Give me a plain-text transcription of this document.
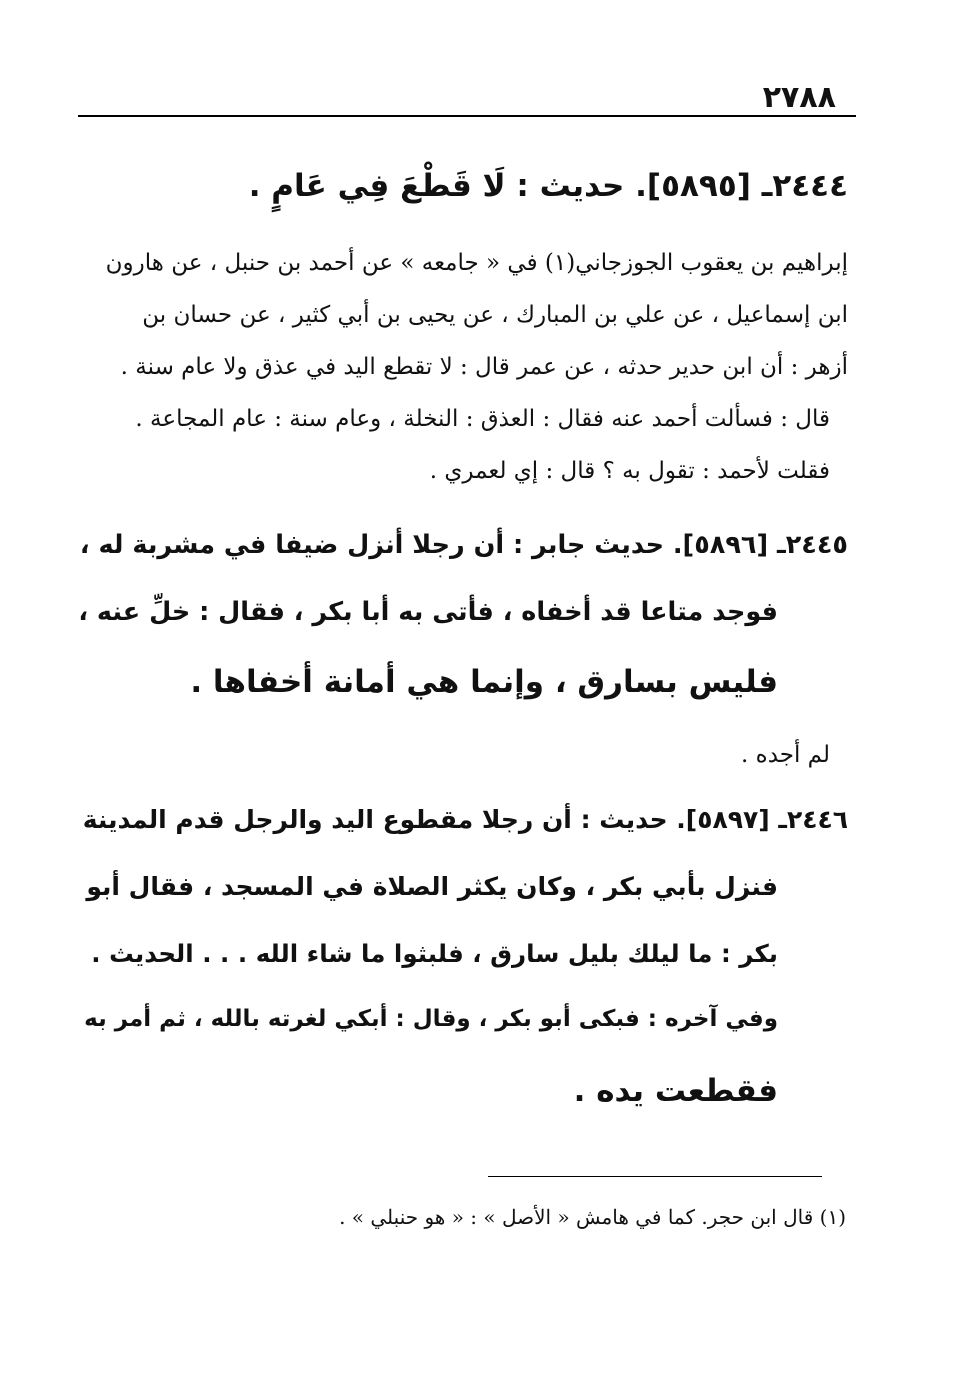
٢٧٨٨
٢٤٤٤ـ [٥٨٩٥]. حديث : لَا قَطْعَ فِي عَامٍ .
إبراهيم بن يعقوب الجوزجاني(١) في « جامعه » عن أحمد بن حنبل ، عن هارون
ابن إسماعيل ، عن علي بن المبارك ، عن يحيى بن أبي كثير ، عن حسان بن
أزهر : أن ابن حدير حدثه ، عن عمر قال : لا تقطع اليد في عذق ولا عام سنة .
قال : فسألت أحمد عنه فقال : العذق : النخلة ، وعام سنة : عام المجاعة .
فقلت لأحمد : تقول به ؟ قال : إي لعمري .
٢٤٤٥ـ [٥٨٩٦]. حديث جابر : أن رجلا أنزل ضيفا في مشربة له ،
فوجد متاعا قد أخفاه ، فأتى به أبا بكر ، فقال : خلِّ عنه ،
فليس بسارق ، وإنما هي أمانة أخفاها .
لم أجده .
٢٤٤٦ـ [٥٨٩٧]. حديث : أن رجلا مقطوع اليد والرجل قدم المدينة
فنزل بأبي بكر ، وكان يكثر الصلاة في المسجد ، فقال أبو
بكر : ما ليلك بليل سارق ، فلبثوا ما شاء الله . . . الحديث .
وفي آخره : فبكى أبو بكر ، وقال : أبكي لغرته بالله ، ثم أمر به
فقطعت يده .
(١) قال ابن حجر. كما في هامش « الأصل » : « هو حنبلي » .
